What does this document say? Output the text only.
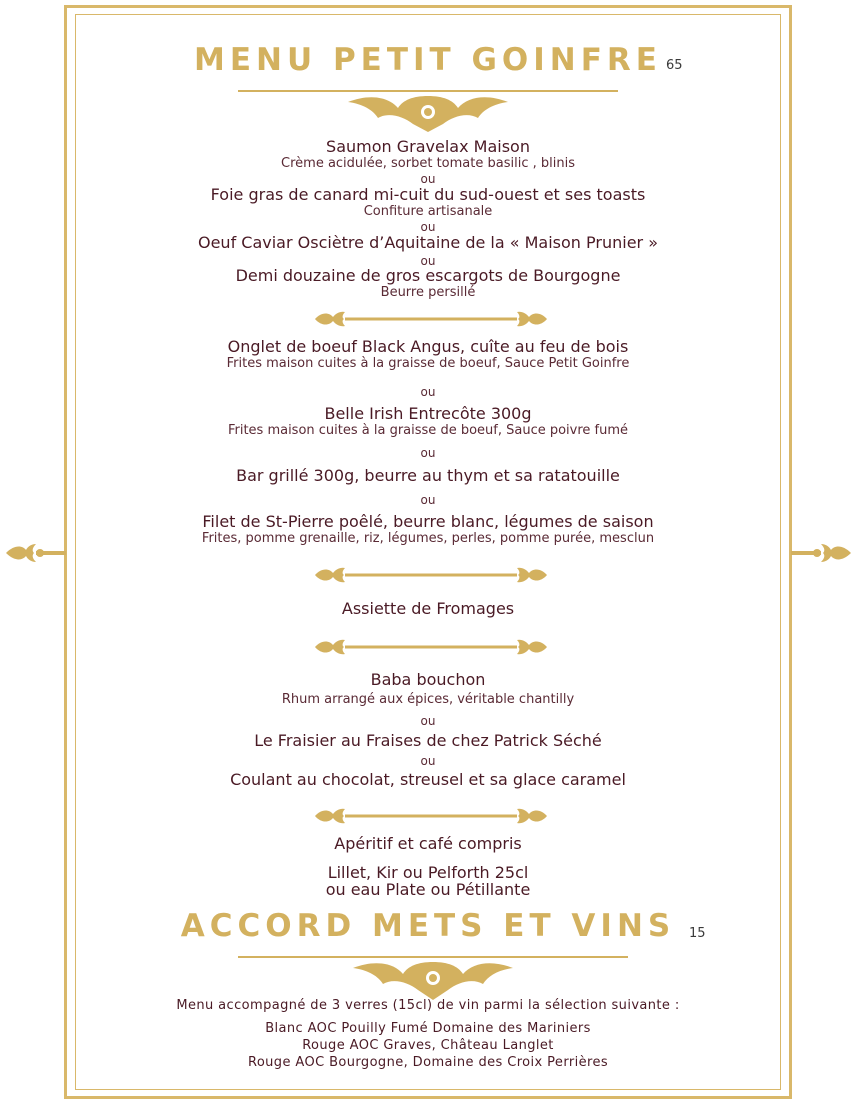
MENU PETIT GOINFRE 65
Saumon Gravelax Maison
Crème acidulée, sorbet tomate basilic , blinis
ou
Foie gras de canard mi-cuit du sud-ouest et ses toasts
Confiture artisanale
ou
Oeuf Caviar Osciètre d’Aquitaine de la « Maison Prunier »
ou
Demi douzaine de gros escargots de Bourgogne
Beurre persillé
Onglet de boeuf Black Angus, cuîte au feu de bois
Frites maison cuites à la graisse de boeuf, Sauce Petit Goinfre
ou
Belle Irish Entrecôte 300g
Frites maison cuites à la graisse de boeuf, Sauce poivre fumé
ou
Bar grillé 300g, beurre au thym et sa ratatouille
ou
Filet de St-Pierre poêlé, beurre blanc, légumes de saison
Frites, pomme grenaille, riz, légumes, perles, pomme purée, mesclun
Assiette de Fromages
Baba bouchon
Rhum arrangé aux épices, véritable chantilly
ou
Le Fraisier au Fraises de chez Patrick Séché
ou
Coulant au chocolat, streusel et sa glace caramel
Apéritif et café compris
Lillet, Kir ou Pelforth 25cl
ou eau Plate ou Pétillante
ACCORD METS ET VINS	15
Menu accompagné de 3 verres (15cl) de vin parmi la sélection suivante :
Blanc AOC Pouilly Fumé Domaine des Mariniers
Rouge AOC Graves, Château Langlet
Rouge AOC Bourgogne, Domaine des Croix Perrières
